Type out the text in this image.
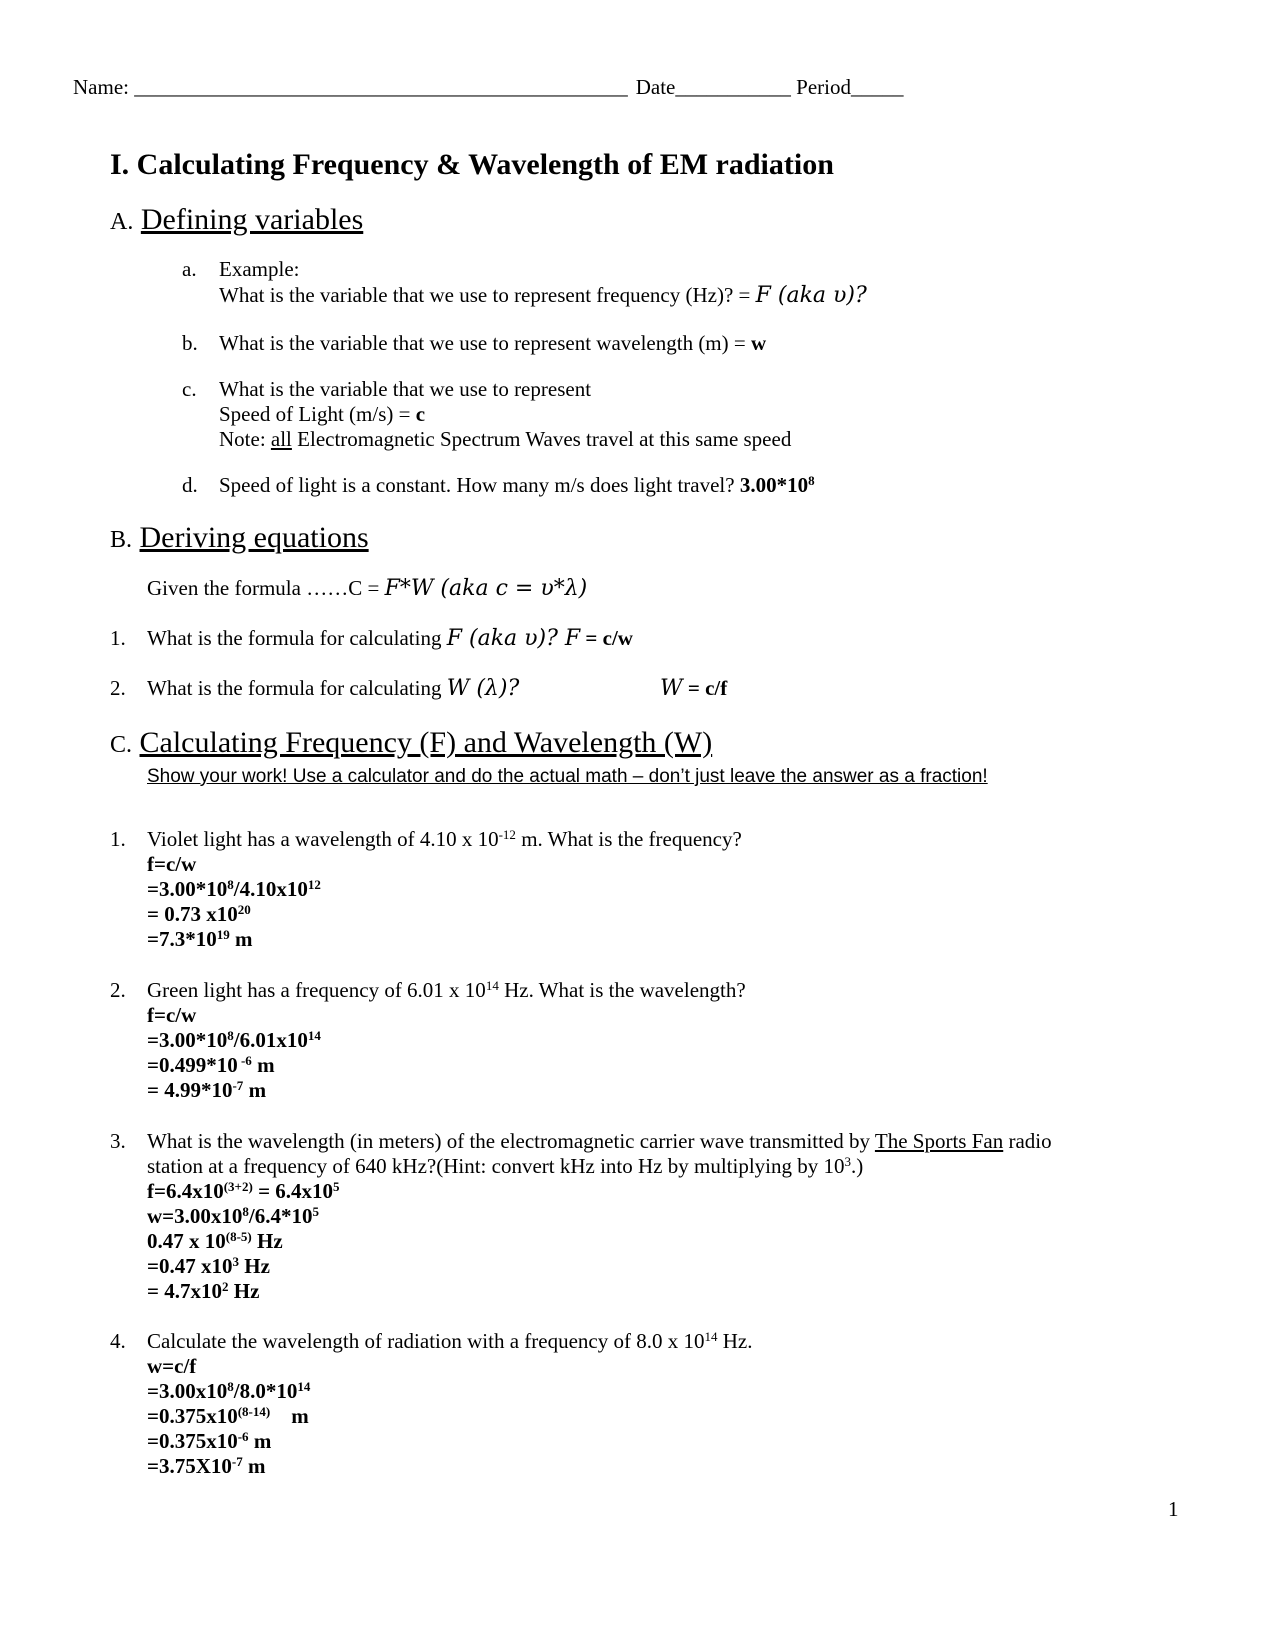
Name: _______________________________________________ Date___________ Period_____
I. Calculating Frequency & Wavelength of EM radiation
A. Defining variables
a. Example:
What is the variable that we use to represent frequency (Hz)? = F (aka υ)?
b. What is the variable that we use to represent wavelength (m) = w
c. What is the variable that we use to represent
Speed of Light (m/s) = c
Note: all Electromagnetic Spectrum Waves travel at this same speed
d. Speed of light is a constant. How many m/s does light travel? $3.00*10^8$
B. Deriving equations
Given the formula ……C = F*W (aka c = υ*λ)
1. What is the formula for calculating F (aka υ)? F = c/w
2. What is the formula for calculating W (λ)?	W = c/f
C. Calculating Frequency (F) and Wavelength (W)
Show your work! Use a calculator and do the actual math – don’t just leave the answer as a fraction!
1. Violet light has a wavelength of 4.10 x $10^{-12}$ m. What is the frequency?
f=c/w
$=3.00*10^8/4.10x10^{12}$
= 0.73 $x10^{20}$
$=7.3*10^{19}$ m
2. Green light has a frequency of 6.01 x $10^{14}$ Hz. What is the wavelength?
f=c/w
$=3.00*10^8/6.01x10^{14}$
=0.499*10 $^{-6}$ m
= $4.99*10^{-7}$ m
3. What is the wavelength (in meters) of the electromagnetic carrier wave transmitted by The Sports Fan radio
station at a frequency of 640 kHz?(Hint: convert kHz into Hz by multiplying by $10^3$.)
$f=6.4x10^{(3+2)} = 6.4x10^5$
$w=3.00x10^8/6.4*10^5$
0.47 x 10$^{(8-5)}$ Hz
=0.47 $x10^3$ Hz
= $4.7x10^2$ Hz
4. Calculate the wavelength of radiation with a frequency of 8.0 x $10^{14}$ Hz.
w=c/f
$=3.00x10^8/8.0*10^{14}$
$=0.375x10^{(8-14)}$    m
$=0.375x10^{-6}$ m
$=3.75X10^{-7}$ m
1
